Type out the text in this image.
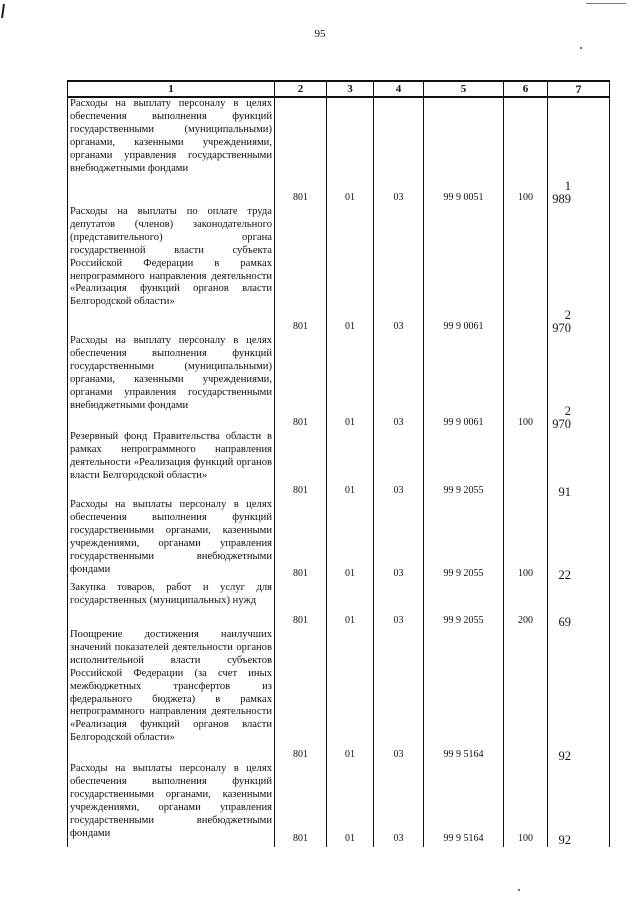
95
1	2	3	4	5	6	7
Расходы на выплату персоналу в целях обеспечения выполнения функций государственными (муниципальными) органами, казенными учреждениями, органами управления государственными внебюджетными фондами	801	01	03	99 9 0051	100	1 989
Расходы на выплаты по оплате труда депутатов (членов) законодательного (представительного) органа государственной власти субъекта Российской Федерации в рамках непрограммного направления деятельности «Реализация функций органов власти Белгородской области»	801	01	03	99 9 0061		2 970
Расходы на выплату персоналу в целях обеспечения выполнения функций государственными (муниципальными) органами, казенными учреждениями, органами управления государственными внебюджетными фондами	801	01	03	99 9 0061	100	2 970
Резервный фонд Правительства области в рамках непрограммного направления деятельности «Реализация функций органов власти Белгородской области»	801	01	03	99 9 2055		91
Расходы на выплаты персоналу в целях обеспечения выполнения функций государственными органами, казенными учреждениями, органами управления государственными внебюджетными фондами	801	01	03	99 9 2055	100	22
Закупка товаров, работ и услуг для государственных (муниципальных) нужд	801	01	03	99 9 2055	200	69
Поощрение достижения наилучших значений показателей деятельности органов исполнительной власти субъектов Российской Федерации (за счет иных межбюджетных трансфертов из федерального бюджета) в рамках непрограммного направления деятельности «Реализация функций органов власти Белгородской области»	801	01	03	99 9 5164		92
Расходы на выплаты персоналу в целях обеспечения выполнения функций государственными органами, казенными учреждениями, органами управления государственными внебюджетными фондами	801	01	03	99 9 5164	100	92
